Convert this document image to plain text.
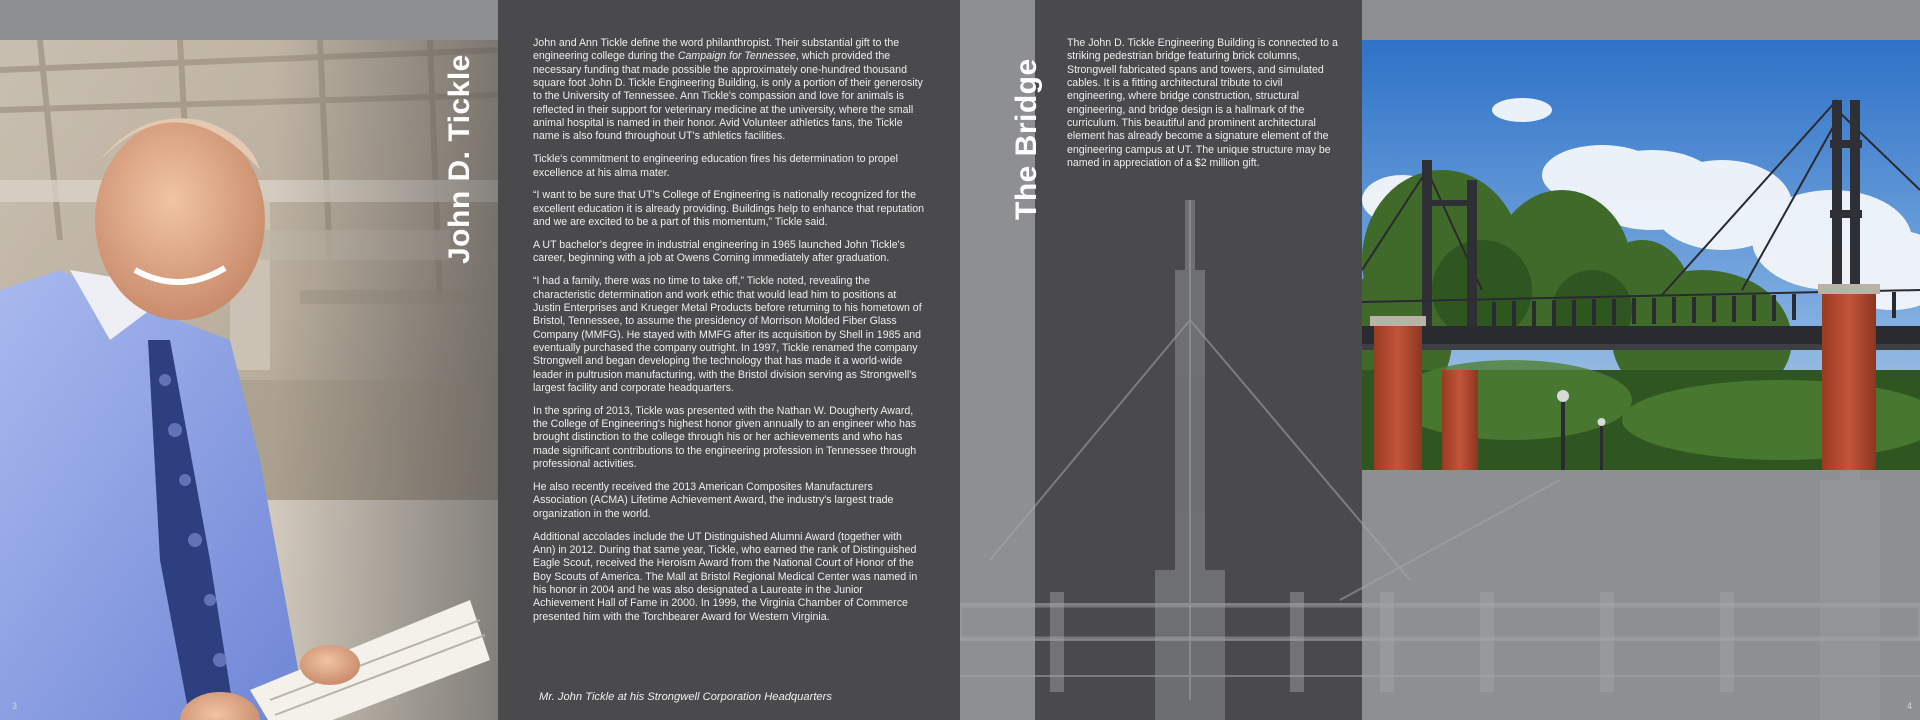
John and Ann Tickle define the word philanthropist. Their substantial gift to the engineering college during the Campaign for Tennessee, which provided the necessary funding that made possible the approximately one-hundred thousand square foot John D. Tickle Engineering Building, is only a portion of their generosity to the University of Tennessee. Ann Tickle's compassion and love for animals is reflected in their support for veterinary medicine at the university, where the small animal hospital is named in their honor. Avid Volunteer athletics fans, the Tickle name is also found throughout UT's athletics facilities.

Tickle's commitment to engineering education fires his determination to propel excellence at his alma mater.

“I want to be sure that UT's College of Engineering is nationally recognized for the excellent education it is already providing. Buildings help to enhance that reputation and we are excited to be a part of this momentum,” Tickle said.

A UT bachelor's degree in industrial engineering in 1965 launched John Tickle's career, beginning with a job at Owens Corning immediately after graduation.

“I had a family, there was no time to take off,” Tickle noted, revealing the characteristic determination and work ethic that would lead him to positions at Justin Enterprises and Krueger Metal Products before returning to his hometown of Bristol, Tennessee, to assume the presidency of Morrison Molded Fiber Glass Company (MMFG). He stayed with MMFG after its acquisition by Shell in 1985 and eventually purchased the company outright. In 1997, Tickle renamed the company Strongwell and began developing the technology that has made it a world-wide leader in pultrusion manufacturing, with the Bristol division serving as Strongwell's largest facility and corporate headquarters.

In the spring of 2013, Tickle was presented with the Nathan W. Dougherty Award, the College of Engineering's highest honor given annually to an engineer who has brought distinction to the college through his or her achievements and who has made significant contributions to the engineering profession in Tennessee through professional activities.

He also recently received the 2013 American Composites Manufacturers Association (ACMA) Lifetime Achievement Award, the industry's largest trade organization in the world.

Additional accolades include the UT Distinguished Alumni Award (together with Ann) in 2012. During that same year, Tickle, who earned the rank of Distinguished Eagle Scout, received the Heroism Award from the National Court of Honor of the Boy Scouts of America. The Mall at Bristol Regional Medical Center was named in his honor in 2004 and he was also designated a Laureate in the Junior Achievement Hall of Fame in 2000. In 1999, the Virginia Chamber of Commerce presented him with the Torchbearer Award for Western Virginia.

Mr. John Tickle at his Strongwell Corporation Headquarters
3

The John D. Tickle Engineering Building is connected to a striking pedestrian bridge featuring brick columns, Strongwell fabricated spans and towers, and simulated cables. It is a fitting architectural tribute to civil engineering, where bridge construction, structural engineering, and bridge design is a hallmark of the curriculum. This beautiful and prominent architectural element has already become a signature element of the engineering campus at UT. The unique structure may be named in appreciation of a $2 million gift.

4
